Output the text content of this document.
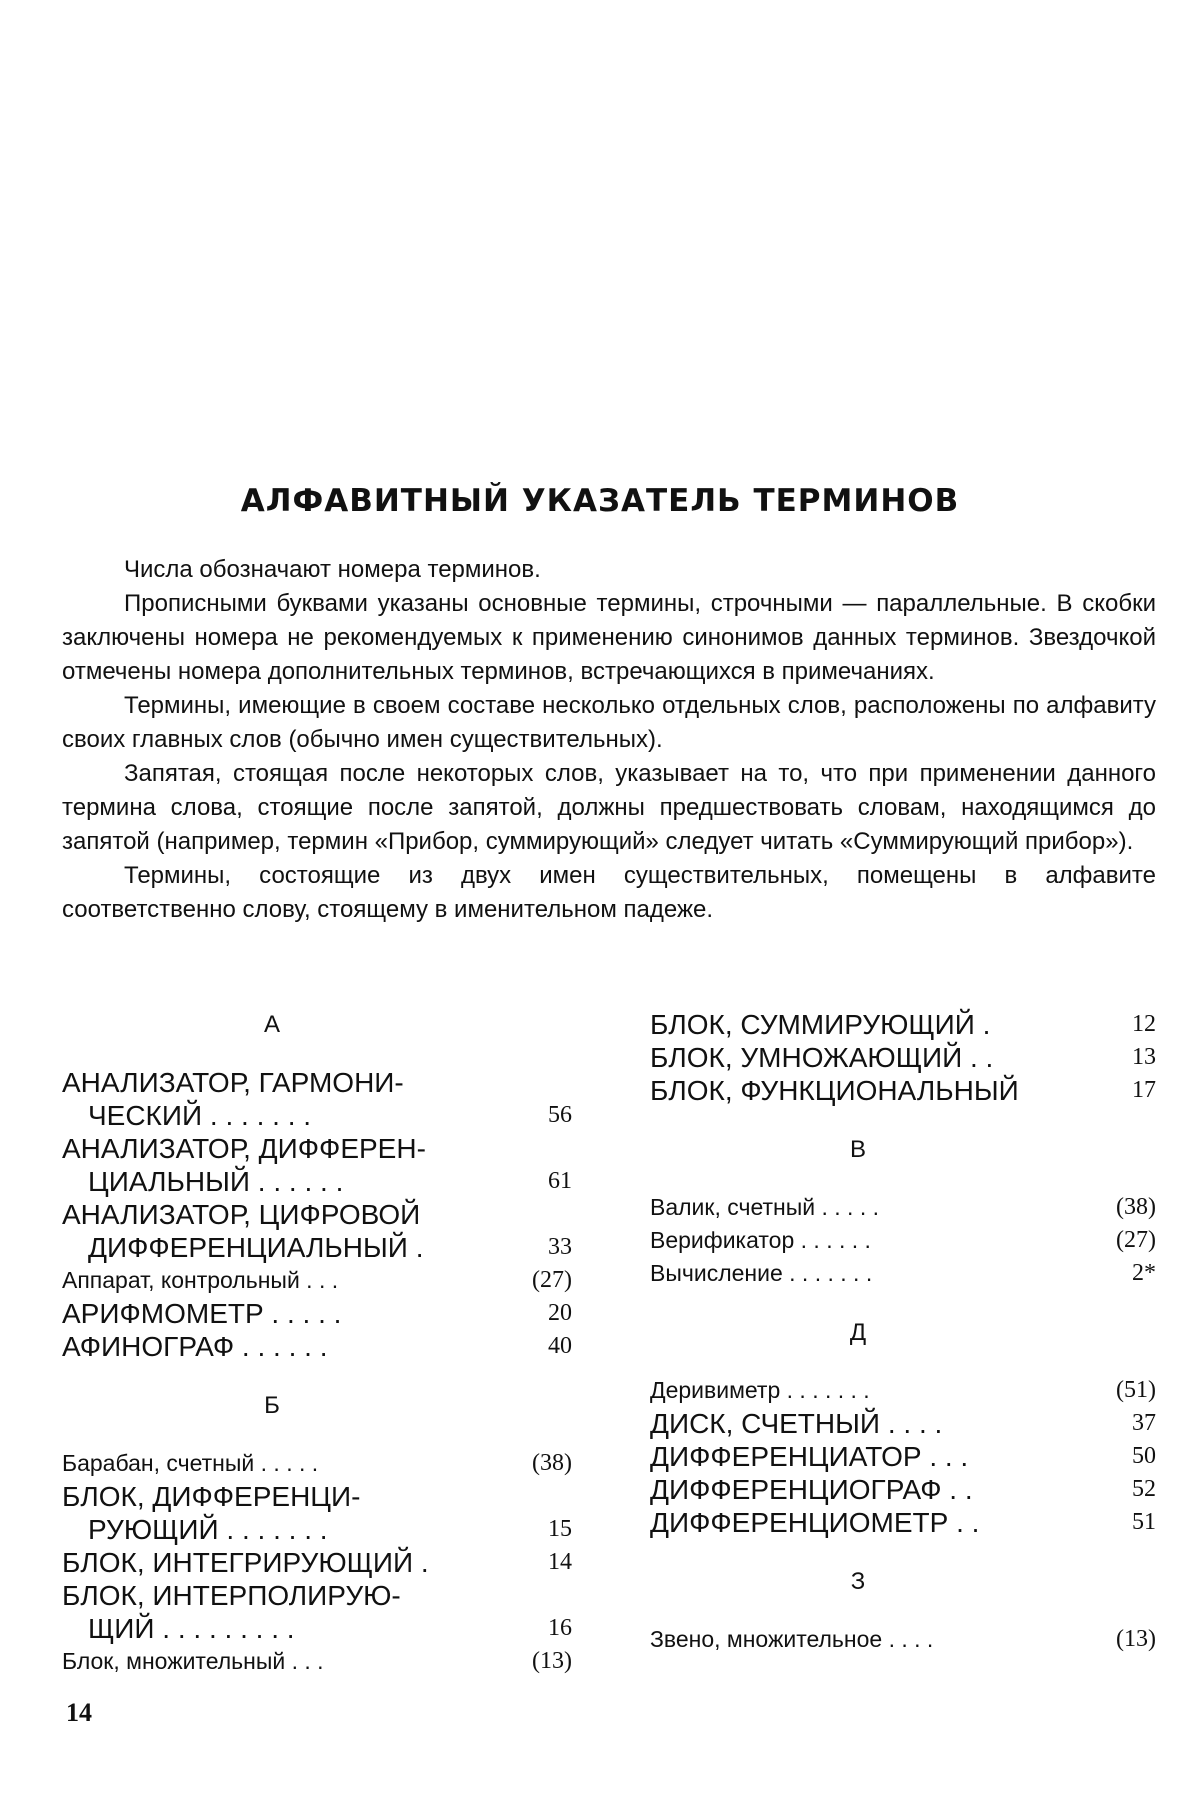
АЛФАВИТНЫЙ УКАЗАТЕЛЬ ТЕРМИНОВ

Числа обозначают номера терминов.

Прописными буквами указаны основные термины, строчными — параллельные. В скобки заключены номера не рекомендуемых к применению синонимов данных терминов. Звездочкой отмечены номера дополнительных терминов, встречающихся в примечаниях.

Термины, имеющие в своем составе несколько отдельных слов, расположены по алфавиту своих главных слов (обычно имен существительных).

Запятая, стоящая после некоторых слов, указывает на то, что при применении данного термина слова, стоящие после запятой, должны предшествовать словам, находящимся до запятой (например, термин «Прибор, суммирующий» следует читать «Суммирующий прибор»).

Термины, состоящие из двух имен существительных, помещены в алфавите соответственно слову, стоящему в именительном падеже.

А
АНАЛИЗАТОР, ГАРМОНИ-
ЧЕСКИЙ . . . . . . .	56
АНАЛИЗАТОР, ДИФФЕРЕН-
ЦИАЛЬНЫЙ . . . . . .	61
АНАЛИЗАТОР, ЦИФРОВОЙ
ДИФФЕРЕНЦИАЛЬНЫЙ .	33
Аппарат, контрольный . . .	(27)
АРИФМОМЕТР . . . . .	20
АФИНОГРАФ . . . . . .	40
Б
Барабан, счетный . . . . .	(38)
БЛОК, ДИФФЕРЕНЦИ-
РУЮЩИЙ . . . . . . .	15
БЛОК, ИНТЕГРИРУЮЩИЙ .	14
БЛОК, ИНТЕРПОЛИРУЮ-
ЩИЙ . . . . . . . . .	16
Блок, множительный . . .	(13)
БЛОК, СУММИРУЮЩИЙ .	12
БЛОК, УМНОЖАЮЩИЙ . .	13
БЛОК, ФУНКЦИОНАЛЬНЫЙ	17
В
Валик, счетный . . . . .	(38)
Верификатор . . . . . .	(27)
Вычисление . . . . . . .	2*
Д
Деривиметр . . . . . . .	(51)
ДИСК, СЧЕТНЫЙ . . . .	37
ДИФФЕРЕНЦИАТОР . . .	50
ДИФФЕРЕНЦИОГРАФ . .	52
ДИФФЕРЕНЦИОМЕТР . .	51
З
Звено, множительное . . . .	(13)
14
